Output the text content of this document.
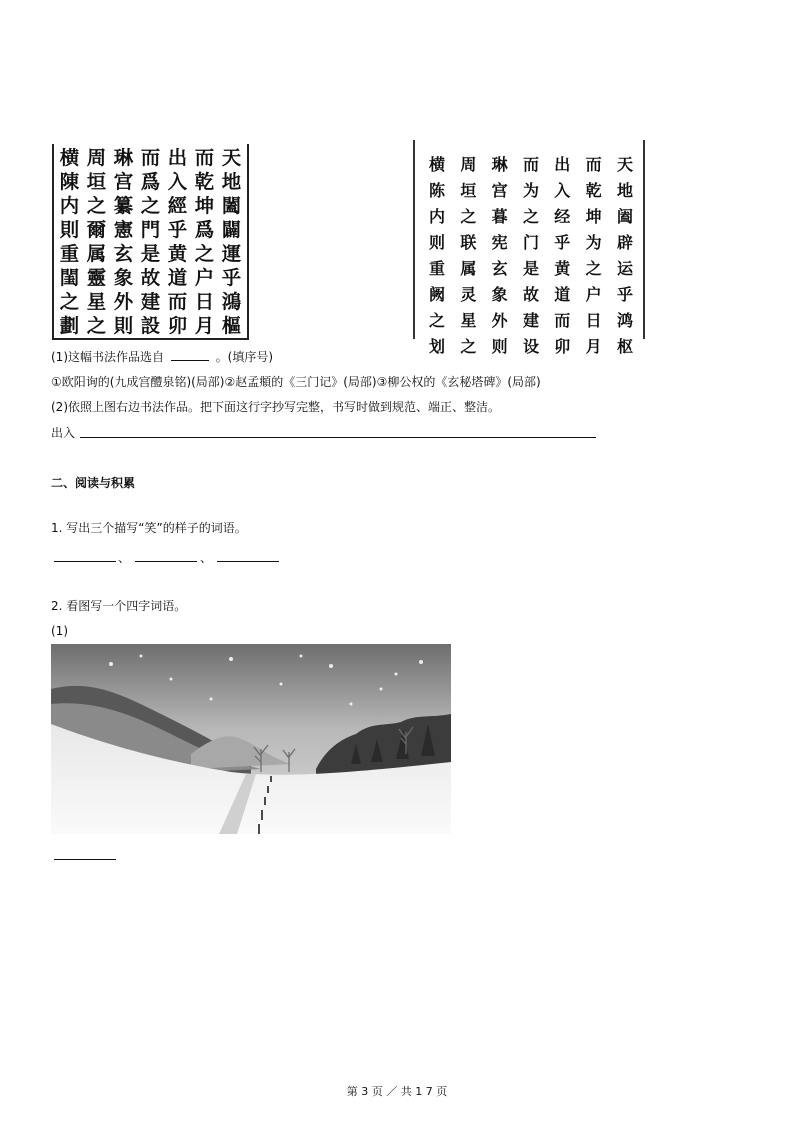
横
陳
内
則
重
閨
之
劃
周
垣
之
爾
属
靈
星
之
琳
宫
纂
憲
玄
象
外
則
而
爲
之
門
是
故
建
設
出
入
經
乎
黄
道
而
卯
而
乾
坤
爲
之
户
日
月
天
地
闔
闢
運
乎
鴻
樞
横
陈
内
则
重
阙
之
划
周
垣
之
联
属
灵
星
之
琳
宫
暮
宪
玄
象
外
则
而
为
之
门
是
故
建
设
出
入
经
乎
黄
道
而
卯
而
乾
坤
为
之
户
日
月
天
地
阖
辟
运
乎
鸿
枢
(1)这幅书法作品选自	。(填序号)
①欧阳询的(九成宫醴泉铭)(局部)②赵孟頫的《三门记》(局部)③柳公权的《玄秘塔碑》(局部)
(2)依照上图右边书法作品。把下面这行字抄写完整，书写时做到规范、端正、整洁。
出入
二、阅读与积累
1. 写出三个描写“笑”的样子的词语。
、	、
2. 看图写一个四字词语。
(1)
第 3 页 ／ 共 1 7 页
